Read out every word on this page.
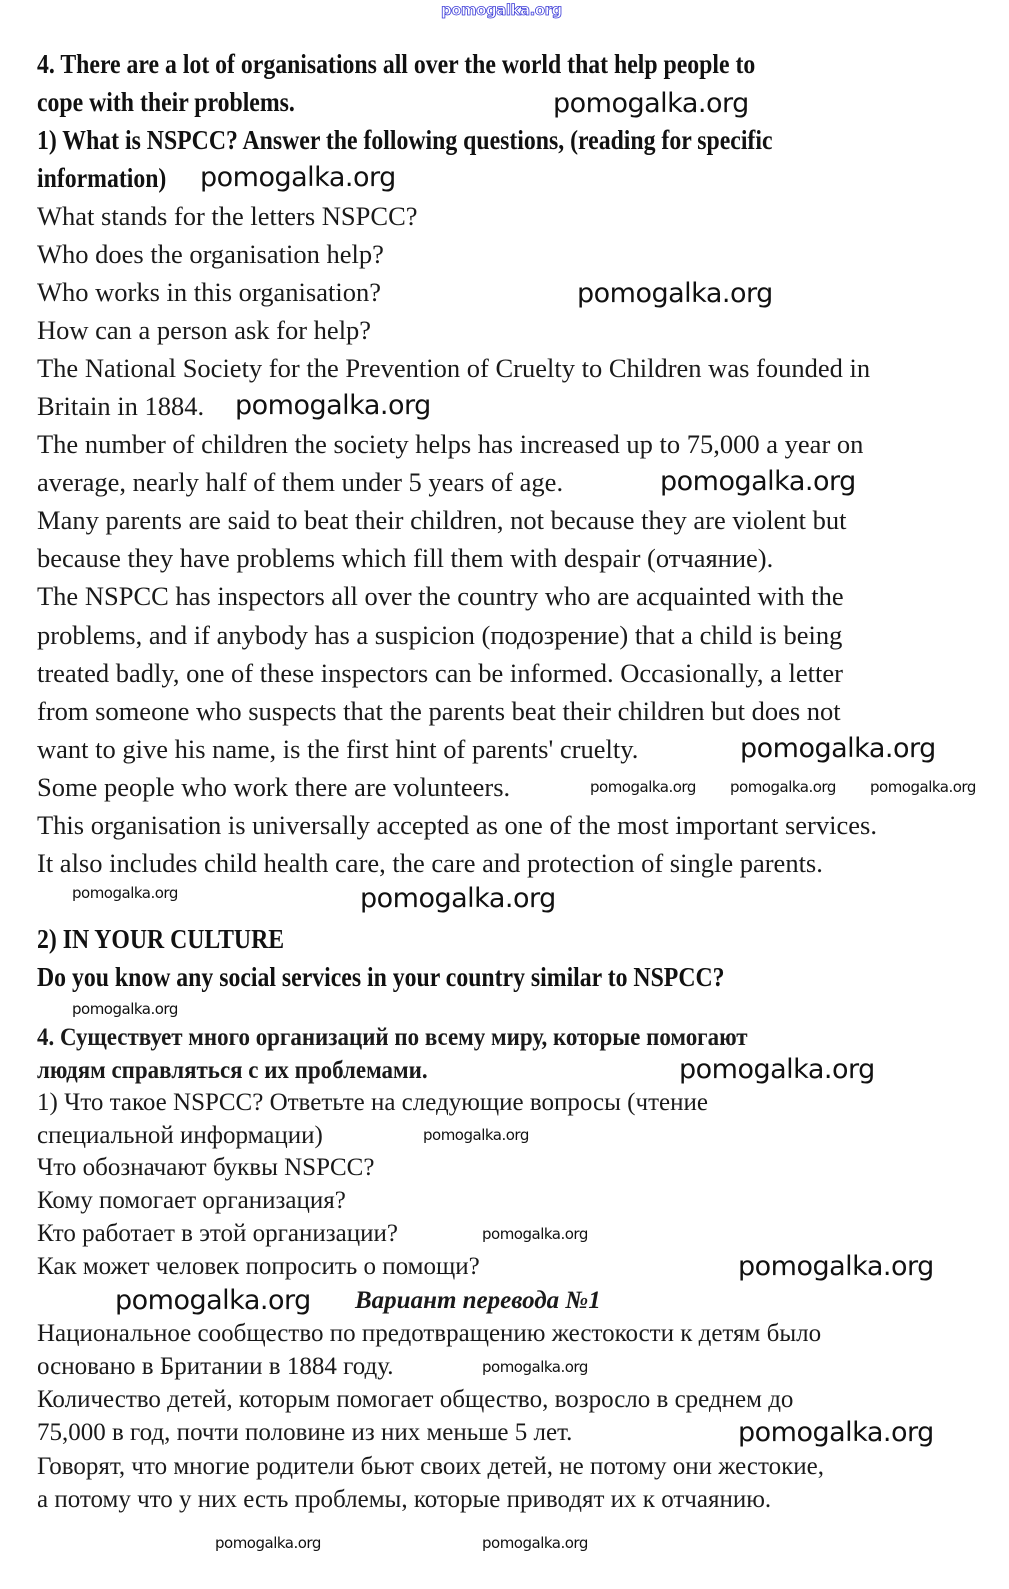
4. There are a lot of organisations all over the world that help people to
cope with their problems.
1) What is NSPCC? Answer the following questions, (reading for specific
information)
What stands for the letters NSPCC?
Who does the organisation help?
Who works in this organisation?
How can a person ask for help?
The National Society for the Prevention of Cruelty to Children was founded in
Britain in 1884.
The number of children the society helps has increased up to 75,000 a year on
average, nearly half of them under 5 years of age.
Many parents are said to beat their children, not because they are violent but
because they have problems which fill them with despair (отчаяние).
The NSPCC has inspectors all over the country who are acquainted with the
problems, and if anybody has a suspicion (подозрение) that a child is being
treated badly, one of these inspectors can be informed. Occasionally, a letter
from someone who suspects that the parents beat their children but does not
want to give his name, is the first hint of parents' cruelty.
Some people who work there are volunteers.
This organisation is universally accepted as one of the most important services.
It also includes child health care, the care and protection of single parents.
2) IN YOUR CULTURE
Do you know any social services in your country similar to NSPCC?
4. Существует много организаций по всему миру, которые помогают
людям справляться с их проблемами.
1) Что такое NSPCC? Ответьте на следующие вопросы (чтение
специальной информации)
Что обозначают буквы NSPCC?
Кому помогает организация?
Кто работает в этой организации?
Как может человек попросить о помощи?
Вариант перевода №1
Национальное сообщество по предотвращению жестокости к детям было
основано в Британии в 1884 году.
Количество детей, которым помогает общество, возросло в среднем до
75,000 в год, почти половине из них меньше 5 лет.
Говорят, что многие родители бьют своих детей, не потому они жестокие,
а потому что у них есть проблемы, которые приводят их к отчаянию.
pomogalka.org
pomogalka.org
pomogalka.org
pomogalka.org
pomogalka.org
pomogalka.org
pomogalka.org pomogalka.org pomogalka.org
pomogalka.org
pomogalka.org	pomogalka.org
pomogalka.org
pomogalka.org
pomogalka.org
pomogalka.org
pomogalka.org
pomogalka.org
pomogalka.org
pomogalka.org
pomogalka.org
pomogalka.org
